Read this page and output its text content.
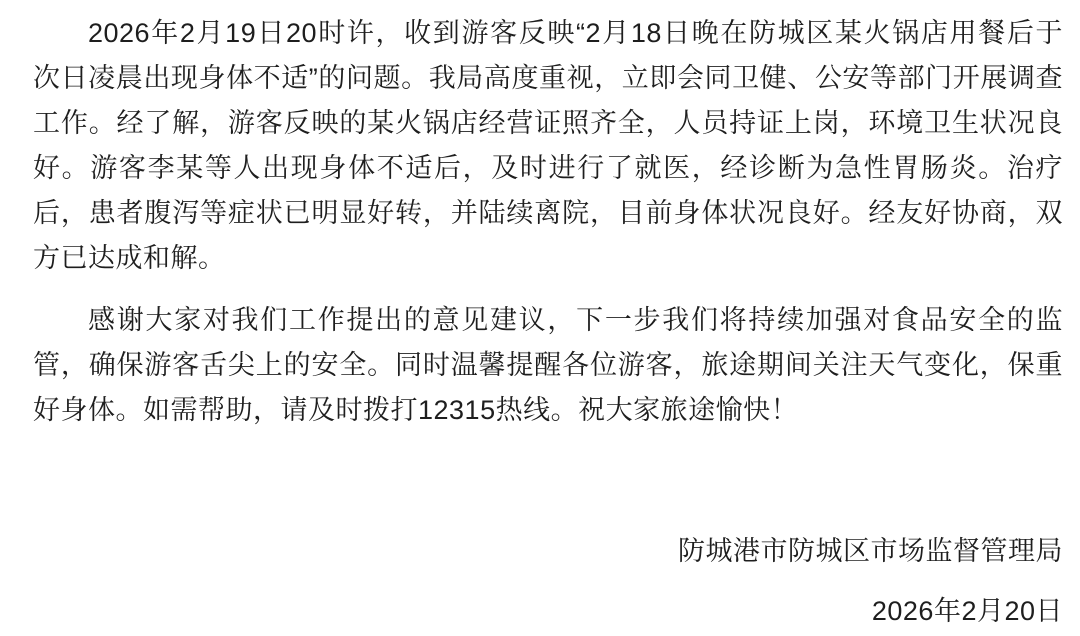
2026年2月19日20时许，收到游客反映“2月18日晚在防城区某火锅店用餐后于
次日凌晨出现身体不适”的问题。我局高度重视，立即会同卫健、公安等部门开展调查
工作。经了解，游客反映的某火锅店经营证照齐全，人员持证上岗，环境卫生状况良
好。游客李某等人出现身体不适后，及时进行了就医，经诊断为急性胃肠炎。治疗
后，患者腹泻等症状已明显好转，并陆续离院，目前身体状况良好。经友好协商，双
方已达成和解。
感谢大家对我们工作提出的意见建议，下一步我们将持续加强对食品安全的监
管，确保游客舌尖上的安全。同时温馨提醒各位游客，旅途期间关注天气变化，保重
好身体。如需帮助，请及时拨打12315热线。祝大家旅途愉快！
防城港市防城区市场监督管理局
2026年2月20日
